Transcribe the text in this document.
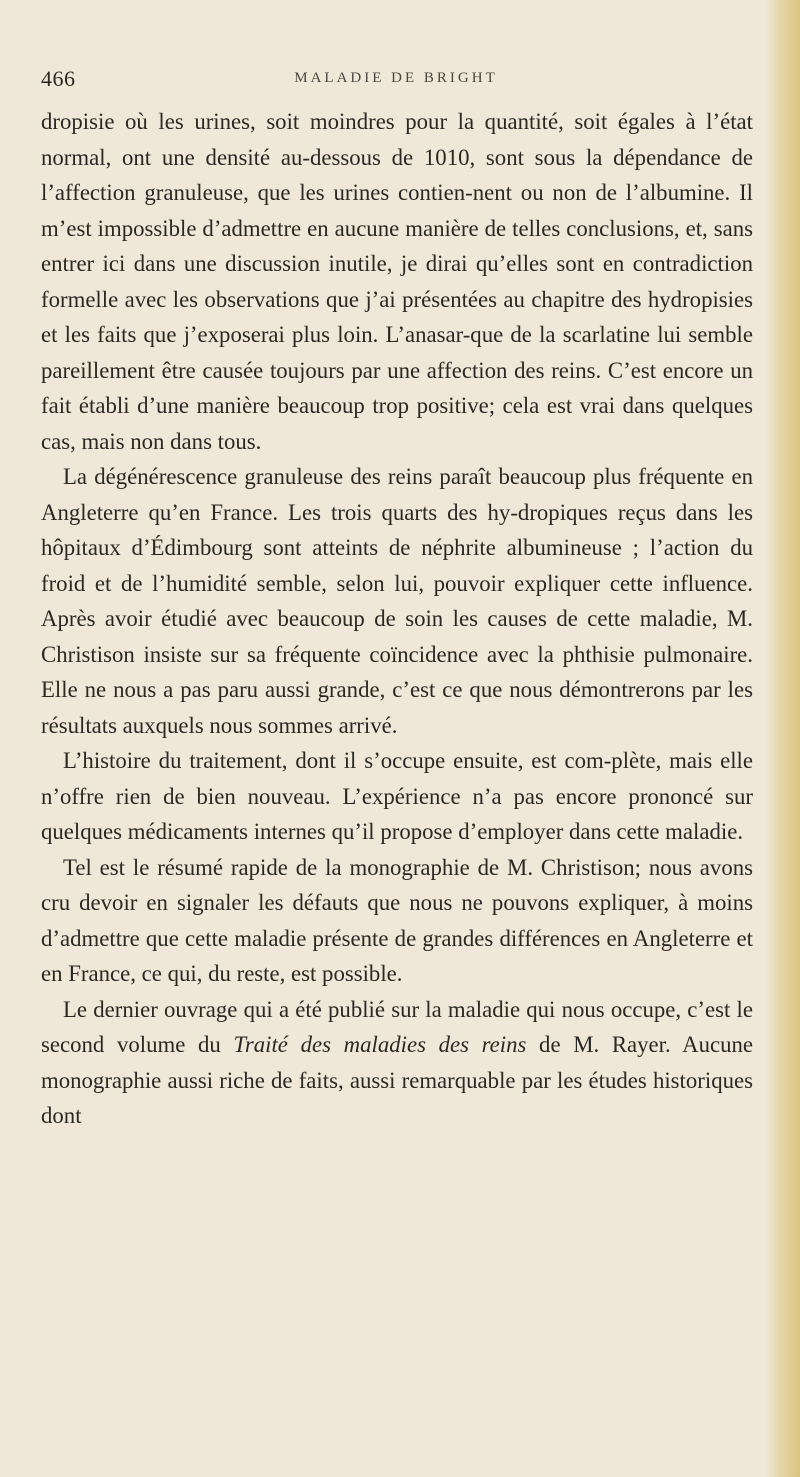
466	MALADIE DE BRIGHT

dropisie où les urines, soit moindres pour la quantité, soit égales à l’état normal, ont une densité au-dessous de 1010, sont sous la dépendance de l’affection granuleuse, que les urines contien-nent ou non de l’albumine. Il m’est impossible d’admettre en aucune manière de telles conclusions, et, sans entrer ici dans une discussion inutile, je dirai qu’elles sont en contradiction formelle avec les observations que j’ai présentées au chapitre des hydropisies et les faits que j’exposerai plus loin. L’anasar-que de la scarlatine lui semble pareillement être causée toujours par une affection des reins. C’est encore un fait établi d’une manière beaucoup trop positive; cela est vrai dans quelques cas, mais non dans tous.

La dégénérescence granuleuse des reins paraît beaucoup plus fréquente en Angleterre qu’en France. Les trois quarts des hy-dropiques reçus dans les hôpitaux d’Édimbourg sont atteints de néphrite albumineuse ; l’action du froid et de l’humidité semble, selon lui, pouvoir expliquer cette influence. Après avoir étudié avec beaucoup de soin les causes de cette maladie, M. Christison insiste sur sa fréquente coïncidence avec la phthisie pulmonaire. Elle ne nous a pas paru aussi grande, c’est ce que nous démontrerons par les résultats auxquels nous sommes arrivé.

L’histoire du traitement, dont il s’occupe ensuite, est com-plète, mais elle n’offre rien de bien nouveau. L’expérience n’a pas encore prononcé sur quelques médicaments internes qu’il propose d’employer dans cette maladie.

Tel est le résumé rapide de la monographie de M. Christison; nous avons cru devoir en signaler les défauts que nous ne pouvons expliquer, à moins d’admettre que cette maladie présente de grandes différences en Angleterre et en France, ce qui, du reste, est possible.

Le dernier ouvrage qui a été publié sur la maladie qui nous occupe, c’est le second volume du Traité des maladies des reins de M. Rayer. Aucune monographie aussi riche de faits, aussi remarquable par les études historiques dont
